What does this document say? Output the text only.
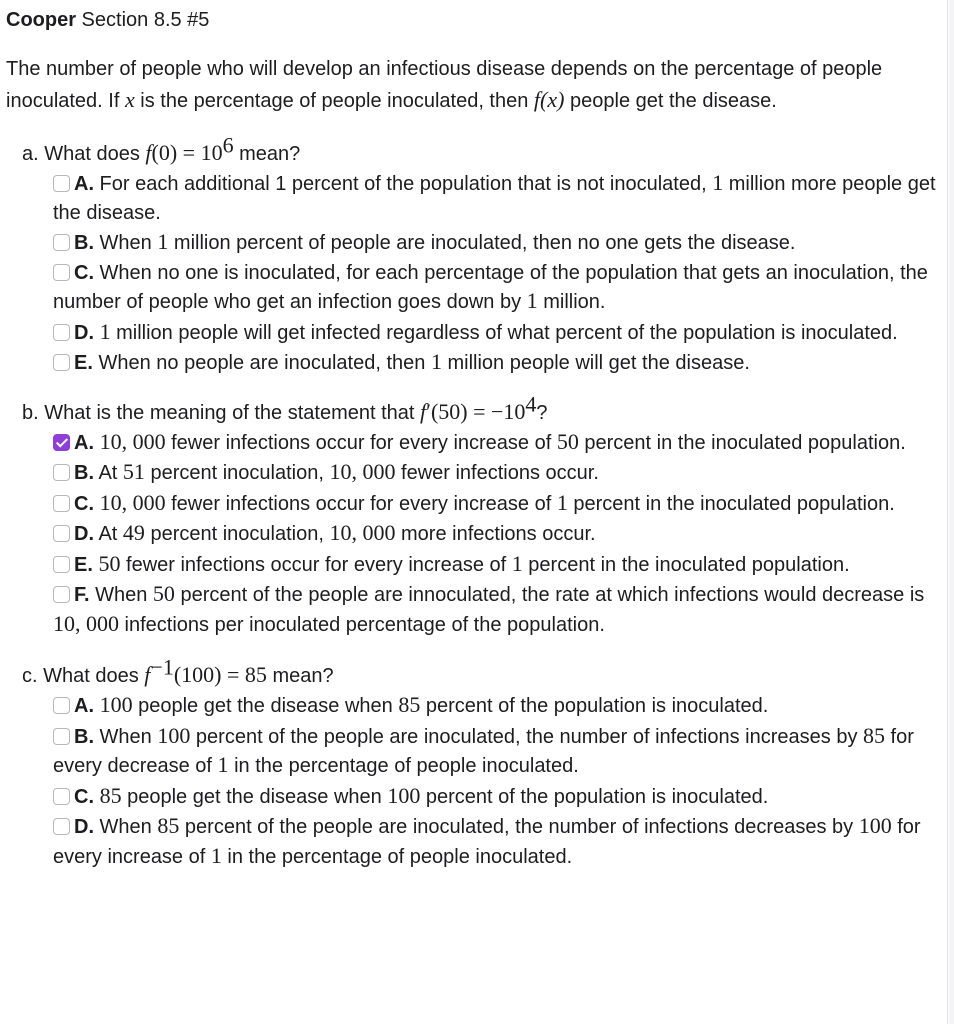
Cooper Section 8.5 #5

The number of people who will develop an infectious disease depends on the percentage of people inoculated. If x is the percentage of people inoculated, then f(x) people get the disease.

a. What does $f(0) = 10^6$ mean?

A. For each additional 1 percent of the population that is not inoculated, 1 million more people get the disease.
B. When 1 million percent of people are inoculated, then no one gets the disease.
C. When no one is inoculated, for each percentage of the population that gets an inoculation, the number of people who get an infection goes down by 1 million.
D. 1 million people will get infected regardless of what percent of the population is inoculated.
E. When no people are inoculated, then 1 million people will get the disease.

b. What is the meaning of the statement that $f'(50) = -10^4$?

A. 10, 000 fewer infections occur for every increase of 50 percent in the inoculated population.
B. At 51 percent inoculation, 10, 000 fewer infections occur.
C. 10, 000 fewer infections occur for every increase of 1 percent in the inoculated population.
D. At 49 percent inoculation, 10, 000 more infections occur.
E. 50 fewer infections occur for every increase of 1 percent in the inoculated population.
F. When 50 percent of the people are innoculated, the rate at which infections would decrease is 10, 000 infections per inoculated percentage of the population.

c. What does $f^{-1}(100) = 85$ mean?

A. 100 people get the disease when 85 percent of the population is inoculated.
B. When 100 percent of the people are inoculated, the number of infections increases by 85 for every decrease of 1 in the percentage of people inoculated.
C. 85 people get the disease when 100 percent of the population is inoculated.
D. When 85 percent of the people are inoculated, the number of infections decreases by 100 for every increase of 1 in the percentage of people inoculated.
